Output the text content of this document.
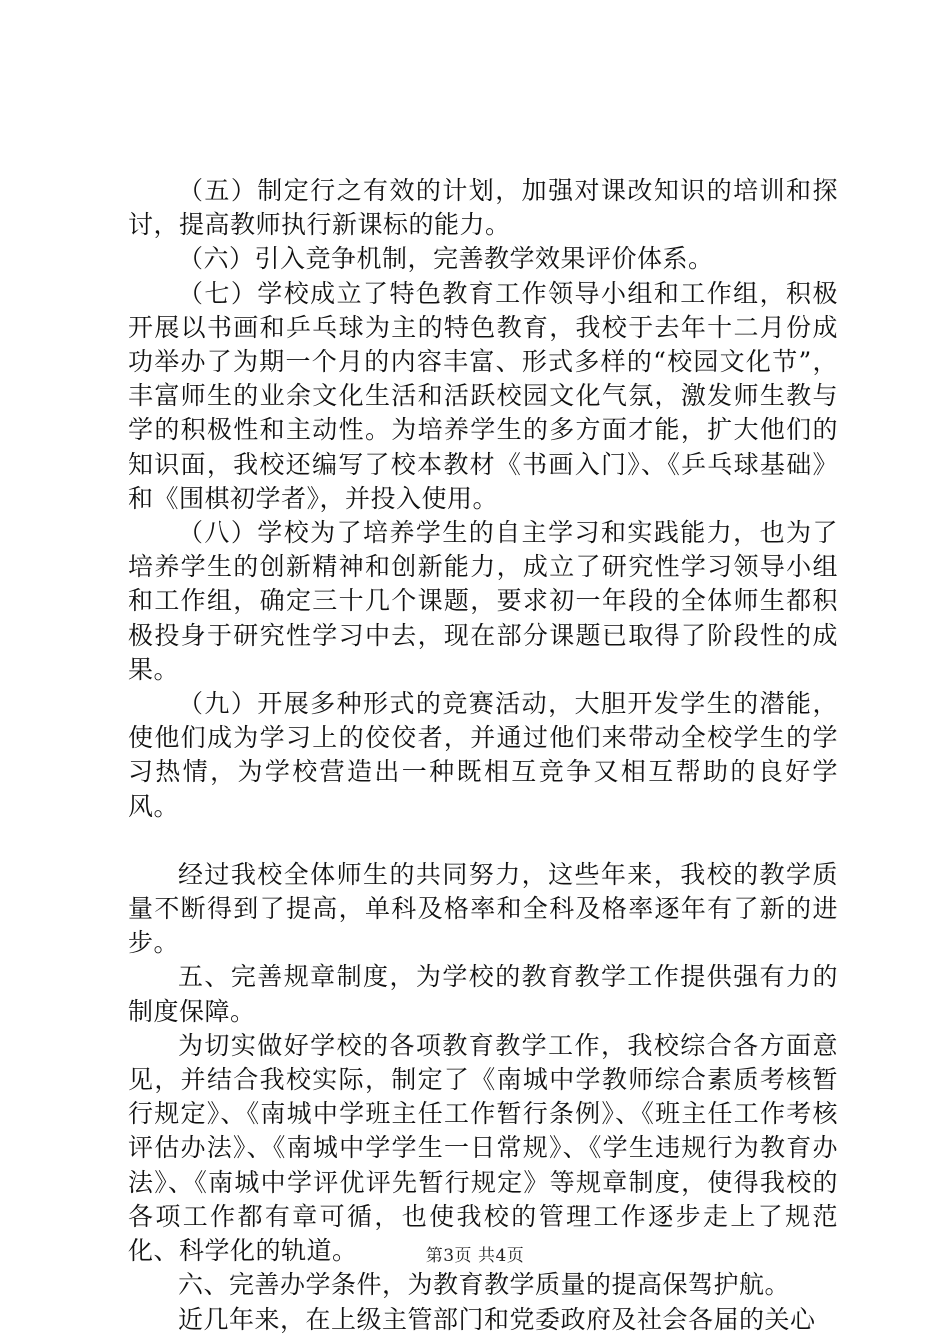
（五）制定行之有效的计划，加强对课改知识的培训和探讨，提高教师执行新课标的能力。

（六）引入竞争机制，完善教学效果评价体系。

（七）学校成立了特色教育工作领导小组和工作组，积极开展以书画和乒乓球为主的特色教育，我校于去年十二月份成功举办了为期一个月的内容丰富、形式多样的“校园文化节”，丰富师生的业余文化生活和活跃校园文化气氛，激发师生教与学的积极性和主动性。为培养学生的多方面才能，扩大他们的知识面，我校还编写了校本教材《书画入门》、《乒乓球基础》和《围棋初学者》，并投入使用。

（八）学校为了培养学生的自主学习和实践能力，也为了培养学生的创新精神和创新能力，成立了研究性学习领导小组和工作组，确定三十几个课题，要求初一年段的全体师生都积极投身于研究性学习中去，现在部分课题已取得了阶段性的成果。

（九）开展多种形式的竞赛活动，大胆开发学生的潜能，使他们成为学习上的佼佼者，并通过他们来带动全校学生的学习热情，为学校营造出一种既相互竞争又相互帮助的良好学风。

经过我校全体师生的共同努力，这些年来，我校的教学质量不断得到了提高，单科及格率和全科及格率逐年有了新的进步。

五、完善规章制度，为学校的教育教学工作提供强有力的制度保障。

为切实做好学校的各项教育教学工作，我校综合各方面意见，并结合我校实际，制定了《南城中学教师综合素质考核暂行规定》、《南城中学班主任工作暂行条例》、《班主任工作考核评估办法》、《南城中学学生一日常规》、《学生违规行为教育办法》、《南城中学评优评先暂行规定》等规章制度，使得我校的各项工作都有章可循，也使我校的管理工作逐步走上了规范化、科学化的轨道。

六、完善办学条件，为教育教学质量的提高保驾护航。

近几年来，在上级主管部门和党委政府及社会各届的关心

第3页 共4页
